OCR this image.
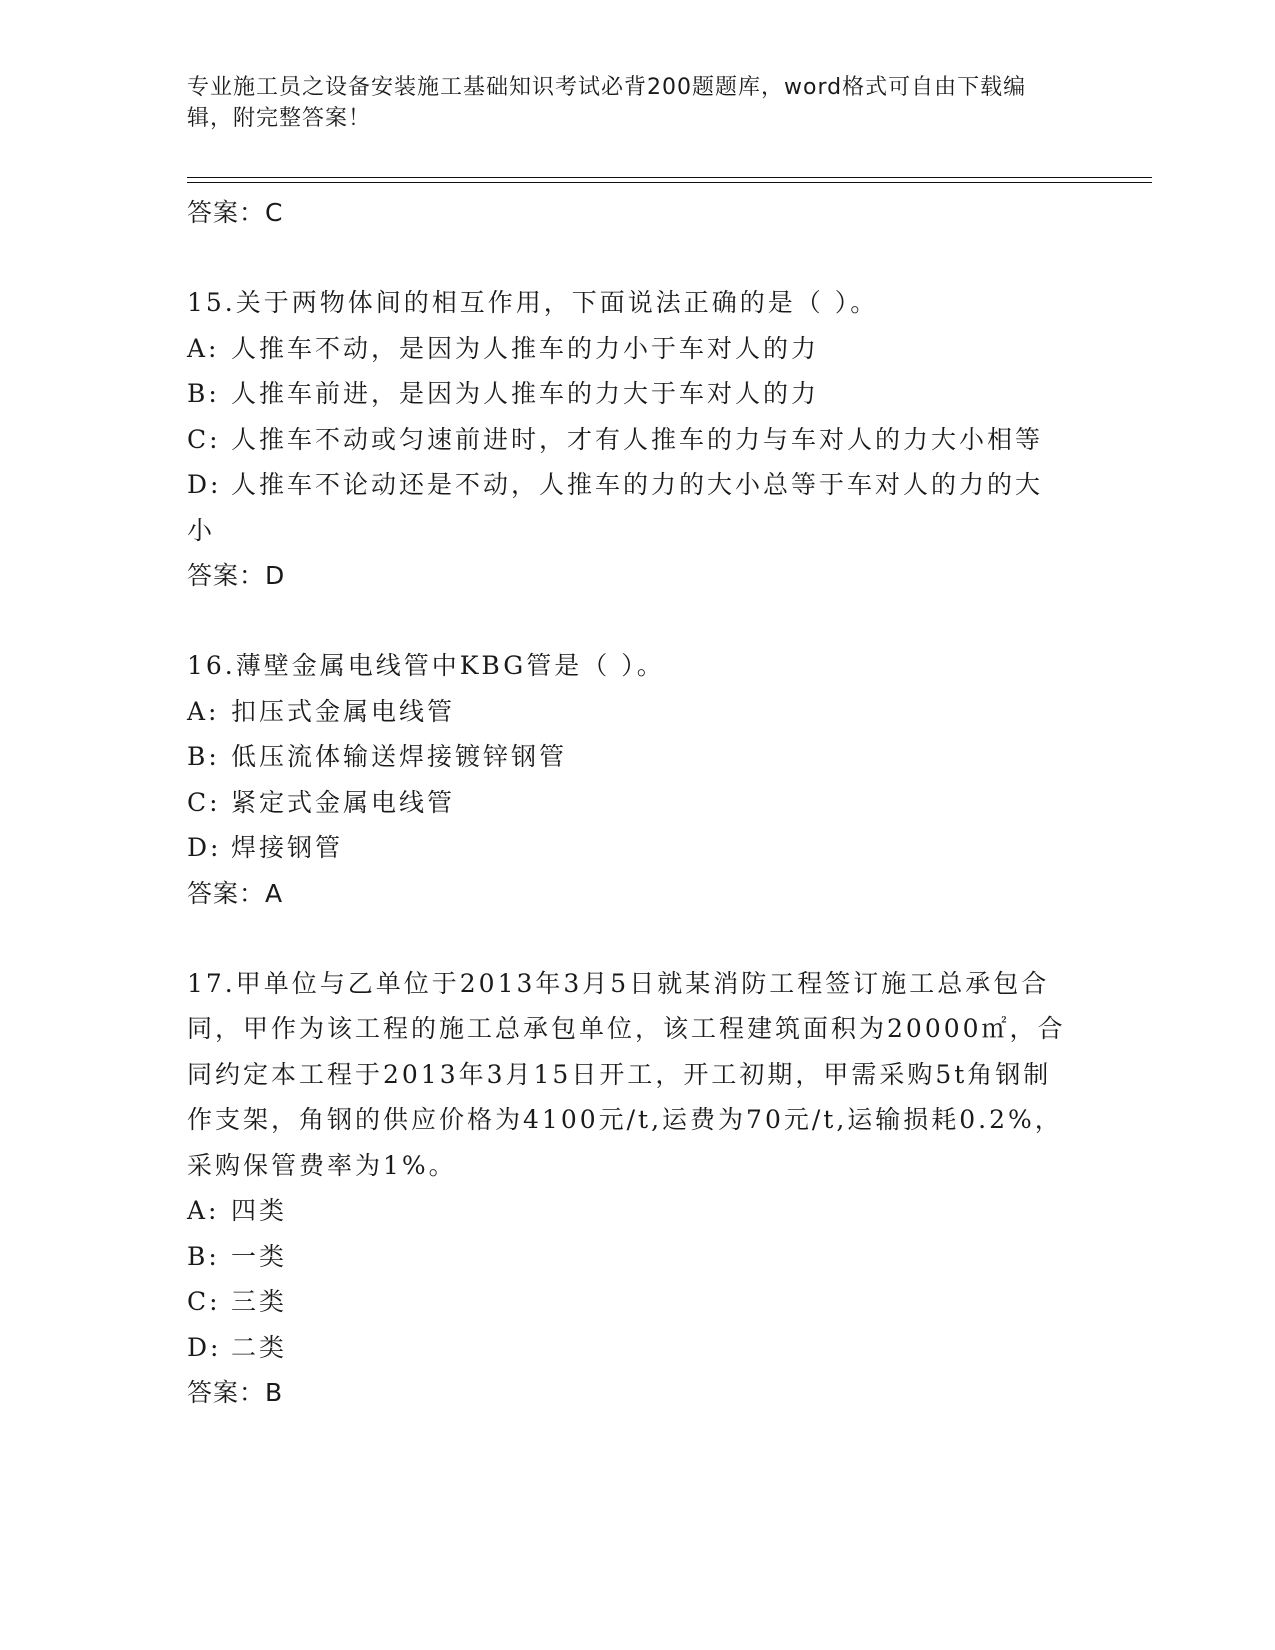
专业施工员之设备安装施工基础知识考试必背200题题库，word格式可自由下载编辑，附完整答案！
答案：C
15.关于两物体间的相互作用，下面说法正确的是（ ）。
A: 人推车不动，是因为人推车的力小于车对人的力
B: 人推车前进，是因为人推车的力大于车对人的力
C: 人推车不动或匀速前进时，才有人推车的力与车对人的力大小相等
D: 人推车不论动还是不动，人推车的力的大小总等于车对人的力的大小
答案：D
16.薄壁金属电线管中KBG管是（ ）。
A: 扣压式金属电线管
B: 低压流体输送焊接镀锌钢管
C: 紧定式金属电线管
D: 焊接钢管
答案：A
17.甲单位与乙单位于2013年3月5日就某消防工程签订施工总承包合同，甲作为该工程的施工总承包单位，该工程建筑面积为20000㎡，合同约定本工程于2013年3月15日开工，开工初期，甲需采购5t角钢制作支架，角钢的供应价格为4100元/t,运费为70元/t,运输损耗0.2%，采购保管费率为1%。
A: 四类
B: 一类
C: 三类
D: 二类
答案：B
